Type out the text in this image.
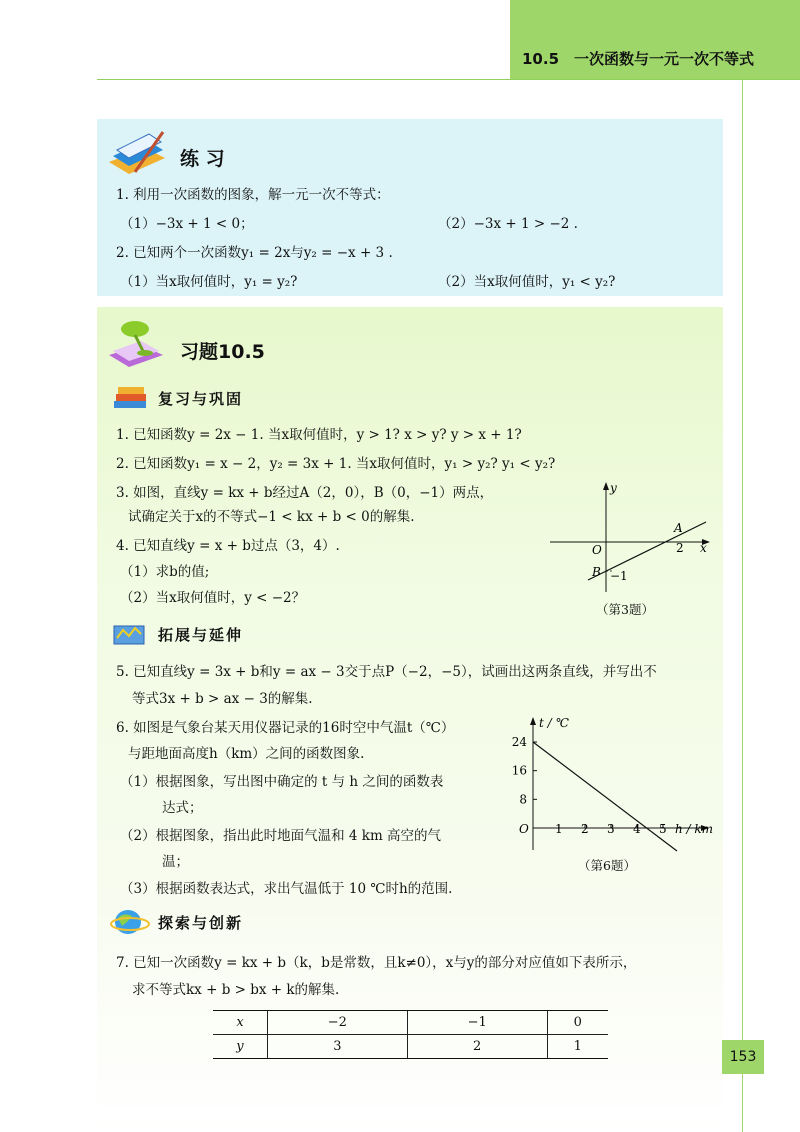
10.5　一次函数与一元一次不等式
练 习
1. 利用一次函数的图象，解一元一次不等式：
（1）−3x + 1 < 0；	（2）−3x + 1 > −2 .
2. 已知两个一次函数y₁ = 2x与y₂ = −x + 3 .
（1）当x取何值时，y₁ = y₂?	（2）当x取何值时，y₁ < y₂?
习题10.5
复习与巩固
1. 已知函数y = 2x − 1. 当x取何值时，y > 1? x > y? y > x + 1?
2. 已知函数y₁ = x − 2，y₂ = 3x + 1. 当x取何值时，y₁ > y₂? y₁ < y₂?
3. 如图，直线y = kx + b经过A（2，0），B（0，−1）两点，
试确定关于x的不等式−1 < kx + b < 0的解集.
4. 已知直线y = x + b过点（3，4）.
（1）求b的值;
（2）当x取何值时，y < −2？
y
x
O
A
2
B −1
（第3题）
拓展与延伸
5. 已知直线y = 3x + b和y = ax − 3交于点P（−2，−5），试画出这两条直线，并写出不
等式3x + b > ax − 3的解集.
6. 如图是气象台某天用仪器记录的16时空中气温t（℃）
与距地面高度h（km）之间的函数图象.
（1）根据图象，写出图中确定的 t 与 h 之间的函数表
达式；
（2）根据图象，指出此时地面气温和 4 km 高空的气
温；
（3）根据函数表达式，求出气温低于 10 ℃时h的范围.
8
16
24
1 2 3 4 5
t / ℃
h / km
O
（第6题）
探索与创新
7. 已知一次函数y = kx + b（k，b是常数，且k≠0），x与y的部分对应值如下表所示，
求不等式kx + b > bx + k的解集.
x	−2	−1	0
y	3	2	1
153
